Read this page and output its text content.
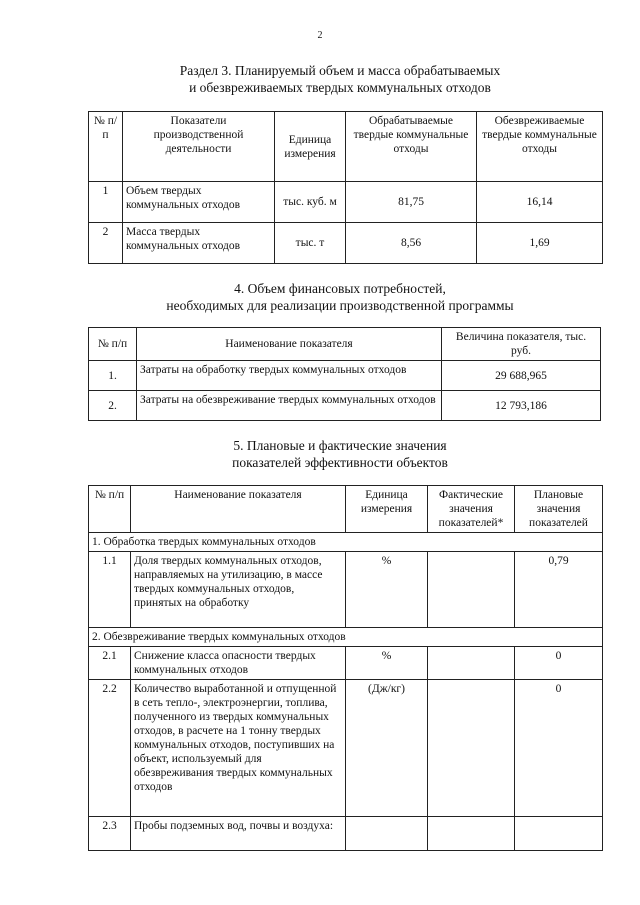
2
Раздел 3. Планируемый объем и масса обрабатываемых
и обезвреживаемых твердых коммунальных отходов
№ п/п	Показатели производственной деятельности	Единица измерения	Обрабатываемые твердые коммунальные отходы	Обезвреживаемые твердые коммунальные отходы
1	Объем твердых коммунальных отходов	тыс. куб. м	81,75	16,14
2	Масса твердых коммунальных отходов	тыс. т	8,56	1,69
4. Объем финансовых потребностей,
необходимых для реализации производственной программы
№ п/п	Наименование показателя	Величина показателя, тыс. руб.
1.	Затраты на обработку твердых коммунальных отходов	29 688,965
2.	Затраты на обезвреживание твердых коммунальных отходов	12 793,186
5. Плановые и фактические значения
показателей эффективности объектов
№ п/п	Наименование показателя	Единица измерения	Фактические значения показателей*	Плановые значения показателей
1. Обработка твердых коммунальных отходов				
1.1	Доля твердых коммунальных отходов, направляемых на утилизацию, в массе твердых коммунальных отходов, принятых на обработку	%		0,79
2. Обезвреживание твердых коммунальных отходов				
2.1	Снижение класса опасности твердых коммунальных отходов	%		0
2.2	Количество выработанной и отпущенной в сеть тепло-, электроэнергии, топлива, полученного из твердых коммунальных отходов, в расчете на 1 тонну твердых коммунальных отходов, поступивших на объект, используемый для обезвреживания твердых коммунальных отходов	(Дж/кг)		0
2.3	Пробы подземных вод, почвы и воздуха:			
